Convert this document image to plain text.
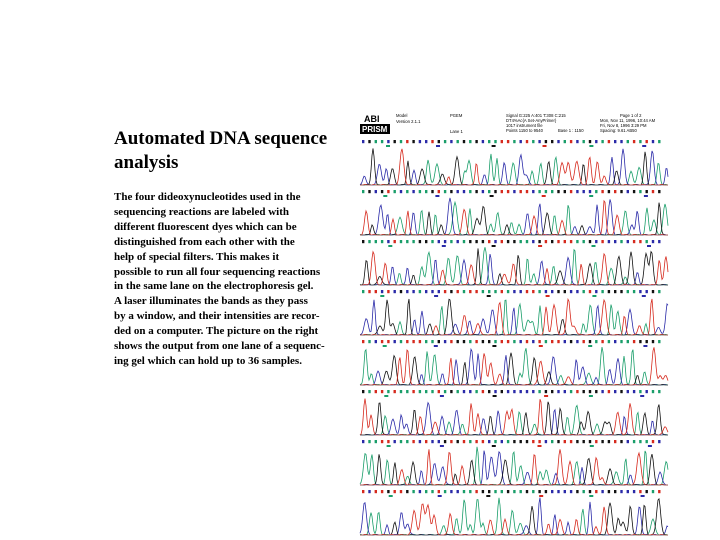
Automated DNA sequence
analysis

The four dideoxynucleotides used in the
sequencing reactions are labeled with
different fluorescent dyes which can be
distinguished from each other with the
help of special filters. This makes it
possible to run all four sequencing reactions
in the same lane on the electrophoresis gel.
A laser illuminates the bands as they pass
by a window, and their intensities are recor-
ded on a computer. The picture on the right
shows the output from one lane of a sequenc-
ing gel which can hold up to 36 samples.

ABI
PRISM
Model
Version 2.1.1
PGEM
Lane 1
Signal G:225 A:401 T:308 C:215
DT4%Ac{A Set-AnyPrimer}
1017 instrument file
Points 1150 to 9540	Base 1 : 1150
Page 1 of 2
Mon, Nov 11, 1996, 10:44 AM
Fri, Nov 8, 1996 3:29 PM
Spacing: 9.61 AB50
